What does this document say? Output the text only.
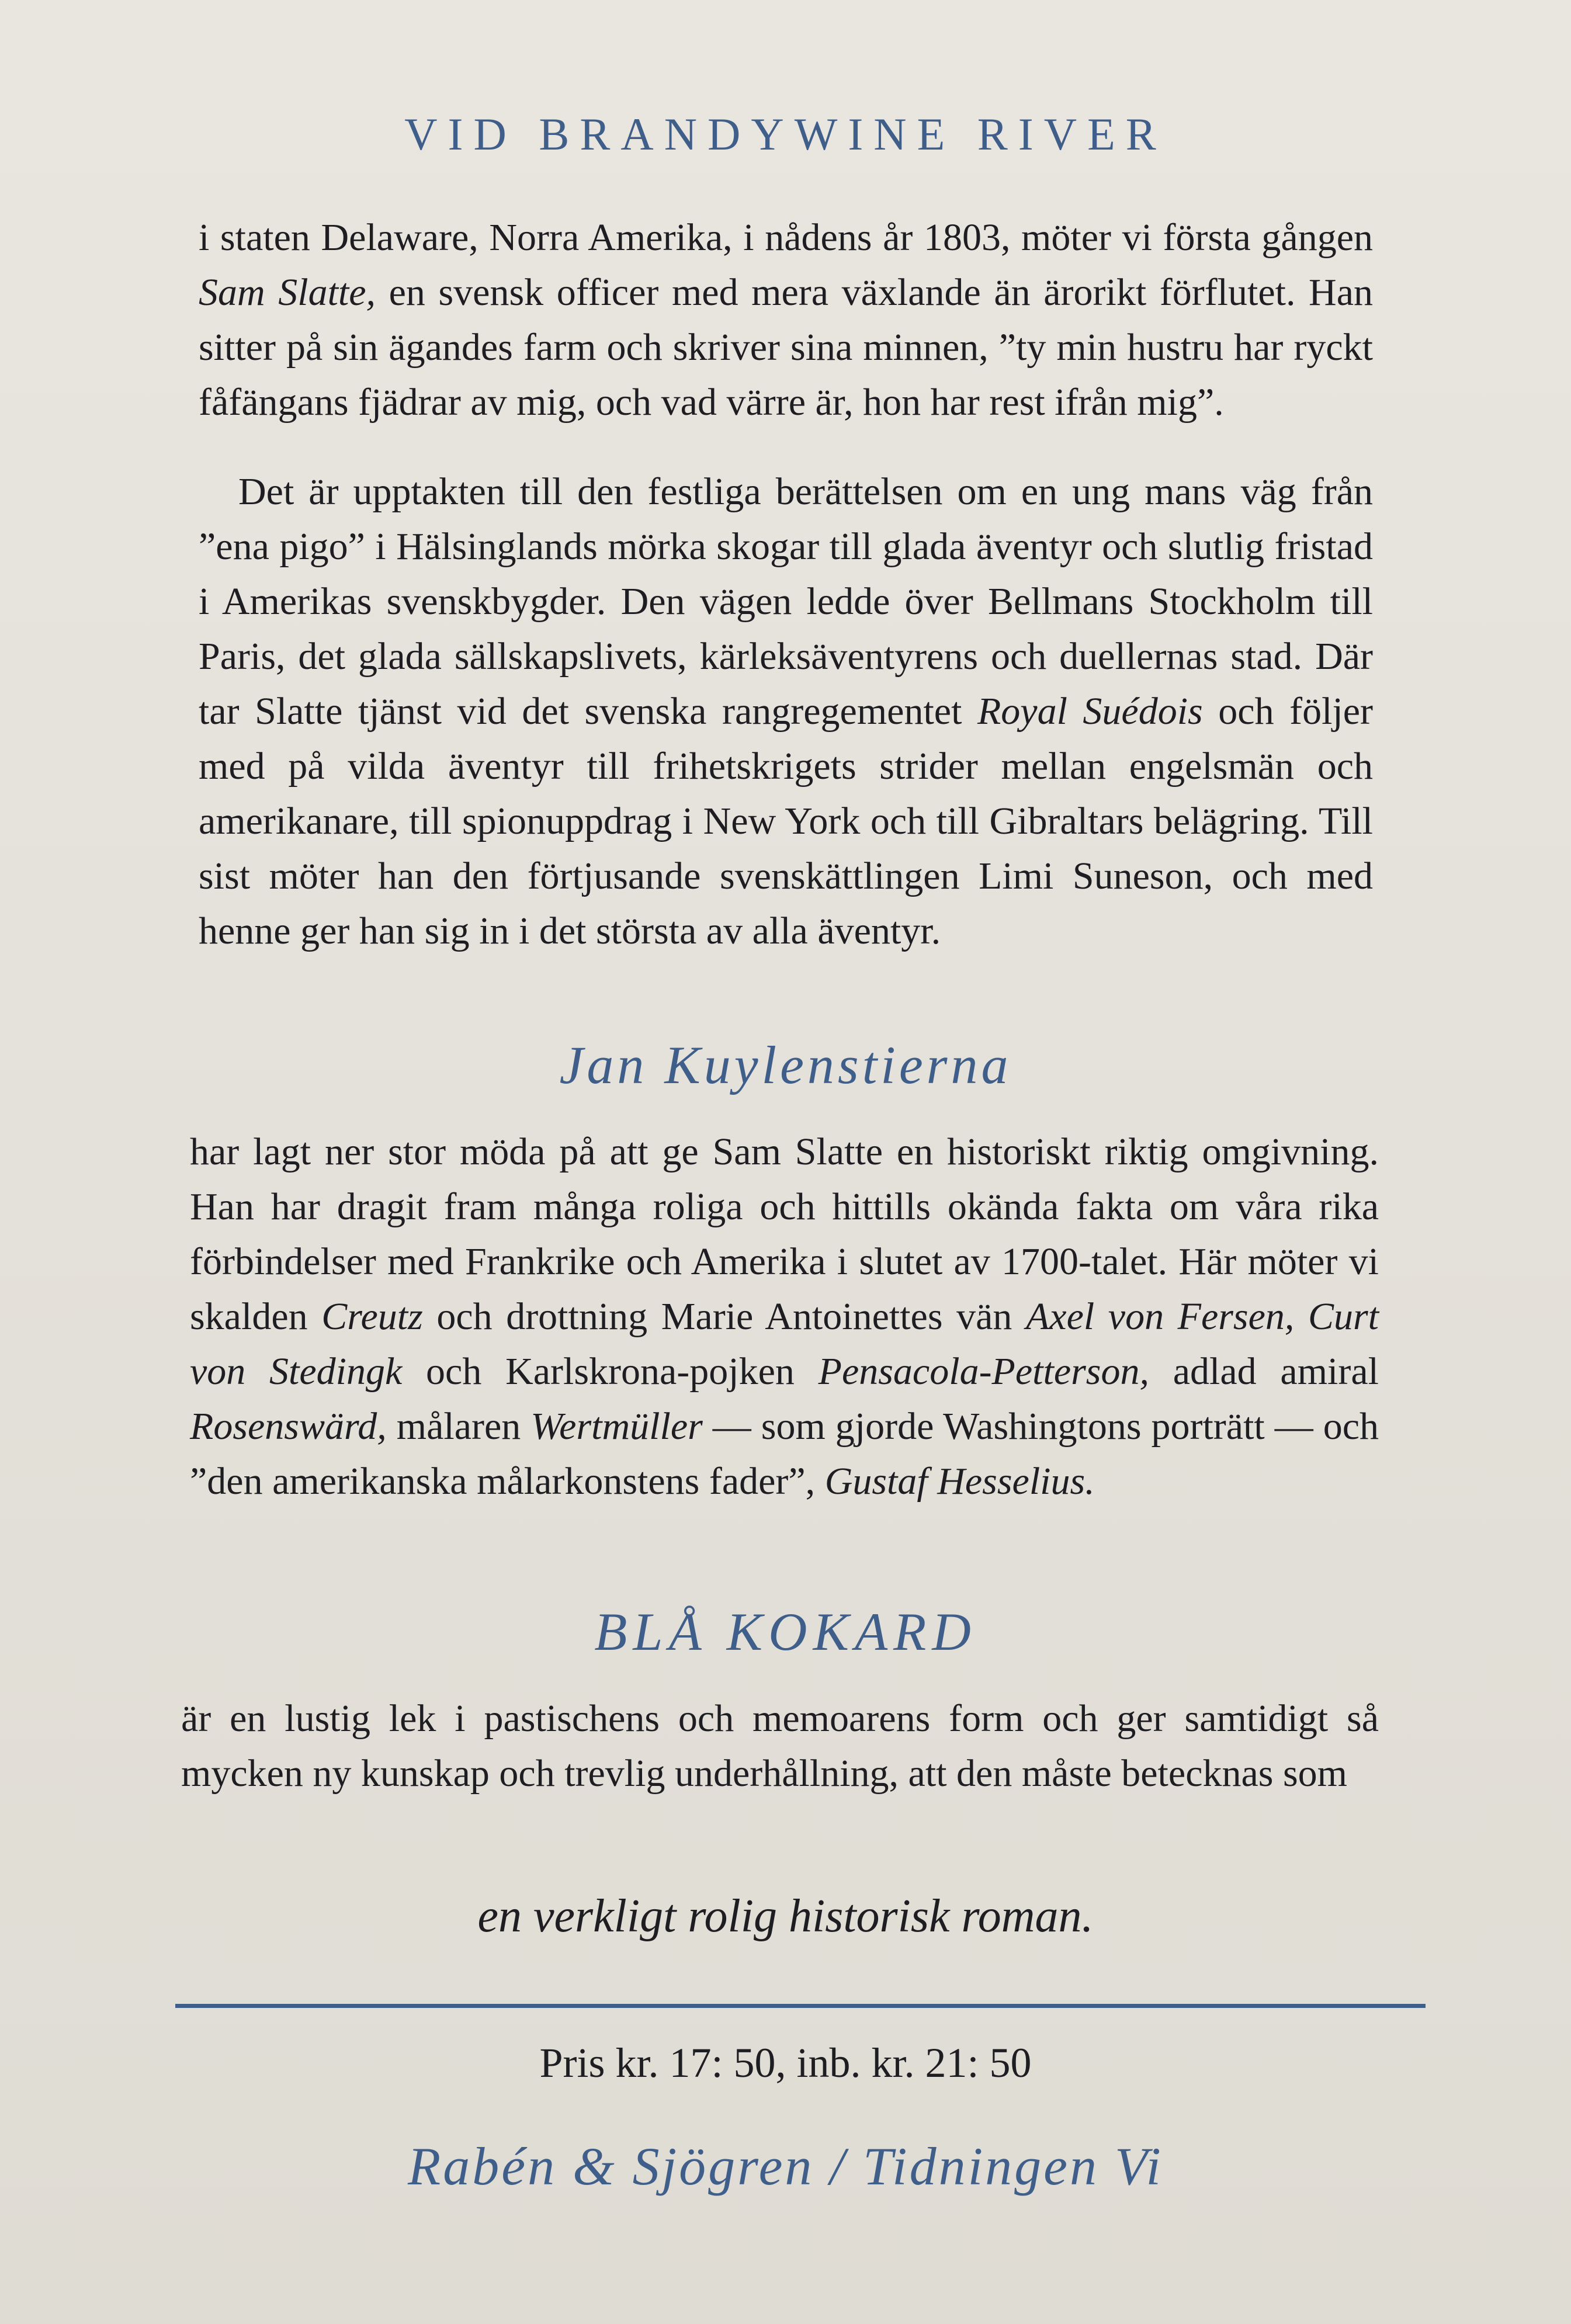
VID BRANDYWINE RIVER

i staten Delaware, Norra Amerika, i nådens år 1803, möter vi första gången Sam Slatte, en svensk officer med mera växlande än ärorikt förflutet. Han sitter på sin ägandes farm och skriver sina minnen, ”ty min hustru har ryckt fåfängans fjädrar av mig, och vad värre är, hon har rest ifrån mig”.

Det är upptakten till den festliga berättelsen om en ung mans väg från ”ena pigo” i Hälsinglands mörka skogar till glada äventyr och slutlig fristad i Amerikas svenskbygder. Den vägen ledde över Bellmans Stockholm till Paris, det glada sällskapslivets, kärleksäventyrens och duellernas stad. Där tar Slatte tjänst vid det svenska rangregementet Royal Suédois och följer med på vilda äventyr till frihetskrigets strider mellan engelsmän och amerikanare, till spionuppdrag i New York och till Gibraltars belägring. Till sist möter han den förtjusande svenskättlingen Limi Suneson, och med henne ger han sig in i det största av alla äventyr.

Jan Kuylenstierna

har lagt ner stor möda på att ge Sam Slatte en historiskt riktig omgivning. Han har dragit fram många roliga och hittills okända fakta om våra rika förbindelser med Frankrike och Amerika i slutet av 1700-talet. Här möter vi skalden Creutz och drottning Marie Antoinettes vän Axel von Fersen, Curt von Stedingk och Karlskrona-pojken Pensacola-Petterson, adlad amiral Rosenswärd, målaren Wertmüller — som gjorde Washingtons porträtt — och ”den amerikanska målarkonstens fader”, Gustaf Hesselius.

BLÅ KOKARD

är en lustig lek i pastischens och memoarens form och ger samtidigt så mycken ny kunskap och trevlig underhållning, att den måste betecknas som

en verkligt rolig historisk roman.
Pris kr. 17: 50, inb. kr. 21: 50
Rabén & Sjögren / Tidningen Vi
